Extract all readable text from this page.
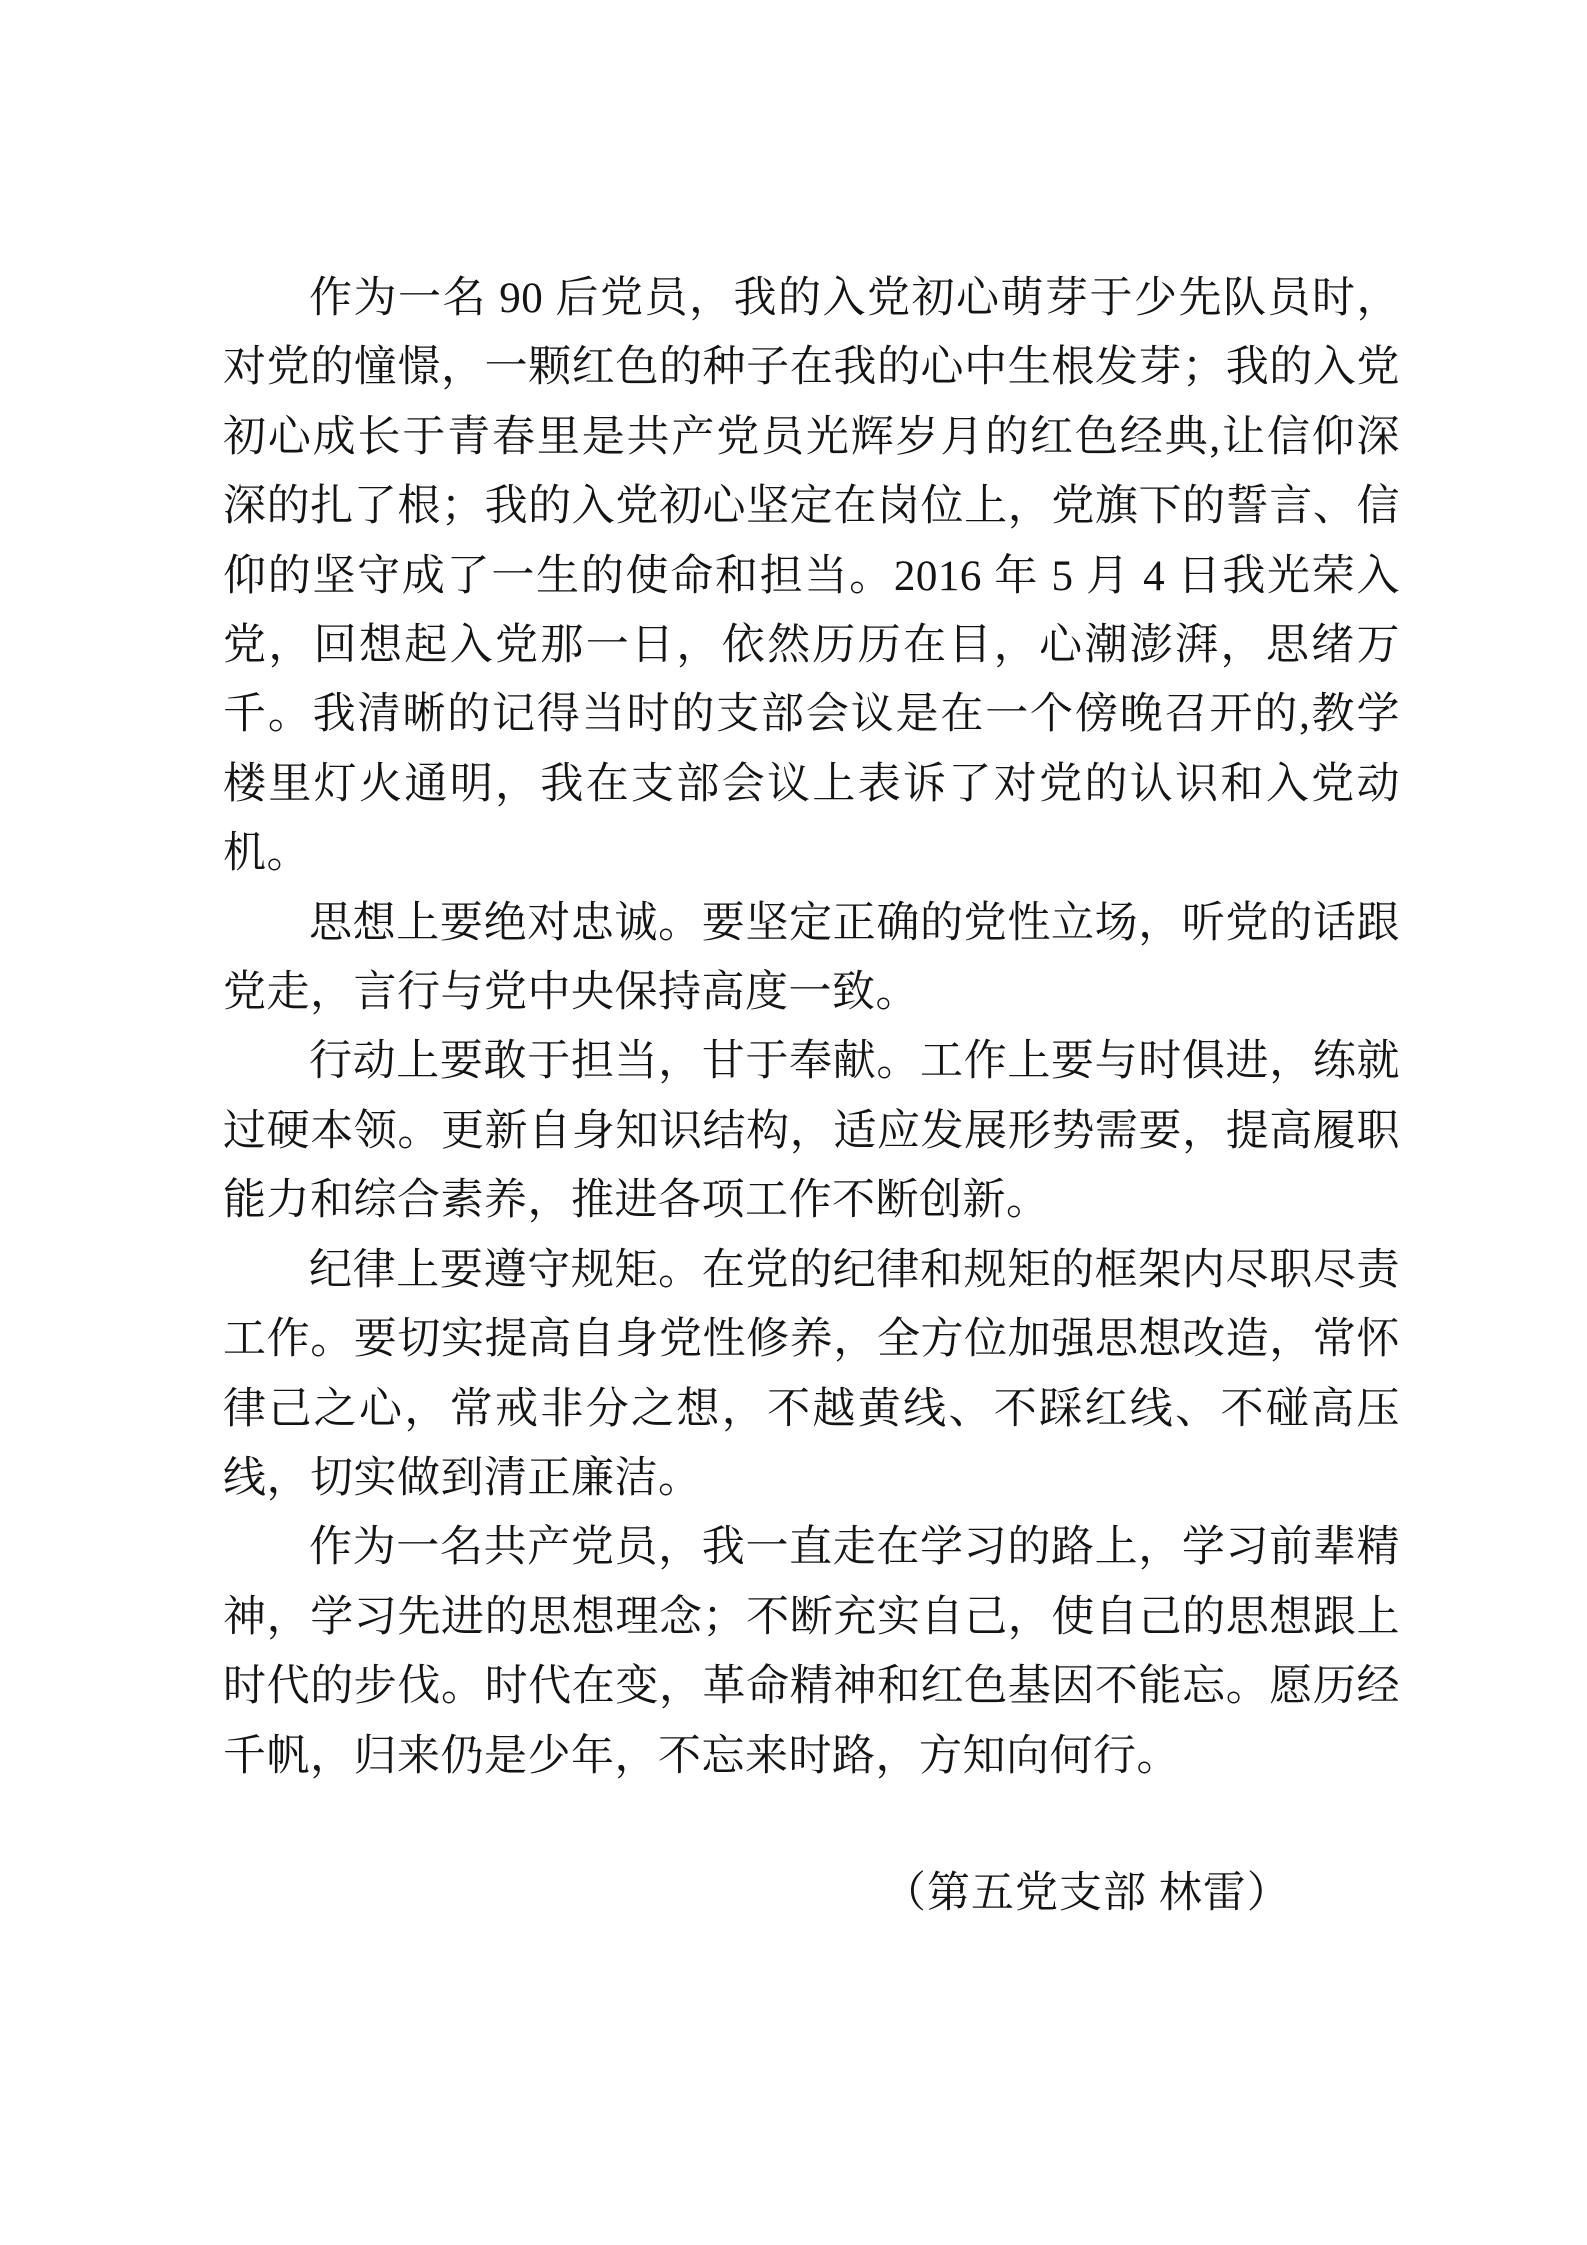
作为一名 90 后党员，我的入党初心萌芽于少先队员时，对党的憧憬，一颗红色的种子在我的心中生根发芽；我的入党初心成长于青春里是共产党员光辉岁月的红色经典,让信仰深深的扎了根；我的入党初心坚定在岗位上，党旗下的誓言、信仰的坚守成了一生的使命和担当。2016 年 5 月 4 日我光荣入党，回想起入党那一日，依然历历在目，心潮澎湃，思绪万千。我清晰的记得当时的支部会议是在一个傍晚召开的,教学楼里灯火通明，我在支部会议上表诉了对党的认识和入党动机。

思想上要绝对忠诚。要坚定正确的党性立场，听党的话跟党走，言行与党中央保持高度一致。

行动上要敢于担当，甘于奉献。工作上要与时俱进，练就过硬本领。更新自身知识结构，适应发展形势需要，提高履职能力和综合素养，推进各项工作不断创新。

纪律上要遵守规矩。在党的纪律和规矩的框架内尽职尽责工作。要切实提高自身党性修养，全方位加强思想改造，常怀律己之心，常戒非分之想，不越黄线、不踩红线、不碰高压线，切实做到清正廉洁。

作为一名共产党员，我一直走在学习的路上，学习前辈精神，学习先进的思想理念；不断充实自己，使自己的思想跟上时代的步伐。时代在变，革命精神和红色基因不能忘。愿历经千帆，归来仍是少年，不忘来时路，方知向何行。

（第五党支部 林雷）
